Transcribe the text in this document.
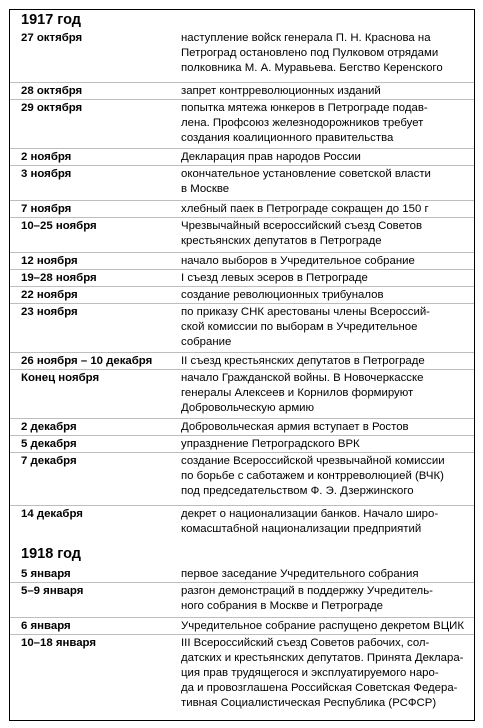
1917 год
27 октября	наступление войск генерала П. Н. Краснова на
Петроград остановлено под Пулковом отрядами
полковника М. А. Муравьева. Бегство Керенского
28 октября	запрет контрреволюционных изданий
29 октября	попытка мятежа юнкеров в Петрограде подав-
лена. Профсоюз железнодорожников требует
создания коалиционного правительства
2 ноября	Декларация прав народов России
3 ноября	окончательное установление советской власти
в Москве
7 ноября	хлебный паек в Петрограде сокращен до 150 г
10–25 ноября	Чрезвычайный всероссийский съезд Советов
крестьянских депутатов в Петрограде
12 ноября	начало выборов в Учредительное собрание
19–28 ноября	I съезд левых эсеров в Петрограде
22 ноября	создание революционных трибуналов
23 ноября	по приказу СНК арестованы члены Всероссий-
ской комиссии по выборам в Учредительное
собрание
26 ноября – 10 декабря	II съезд крестьянских депутатов в Петрограде
Конец ноября	начало Гражданской войны. В Новочеркасске
генералы Алексеев и Корнилов формируют
Добровольческую армию
2 декабря	Добровольческая армия вступает в Ростов
5 декабря	упразднение Петроградского ВРК
7 декабря	создание Всероссийской чрезвычайной комиссии
по борьбе с саботажем и контрреволюцией (ВЧК)
под председательством Ф. Э. Дзержинского
14 декабря	декрет о национализации банков. Начало широ-
комасштабной национализации предприятий
1918 год
5 января	первое заседание Учредительного собрания
5–9 января	разгон демонстраций в поддержку Учредитель-
ного собрания в Москве и Петрограде
6 января	Учредительное собрание распущено декретом ВЦИК
10–18 января	III Всероссийский съезд Советов рабочих, сол-
датских и крестьянских депутатов. Принята Деклара-
ция прав трудящегося и эксплуатируемого наро-
да и провозглашена Российская Советская Федера-
тивная Социалистическая Республика (РСФСР)
